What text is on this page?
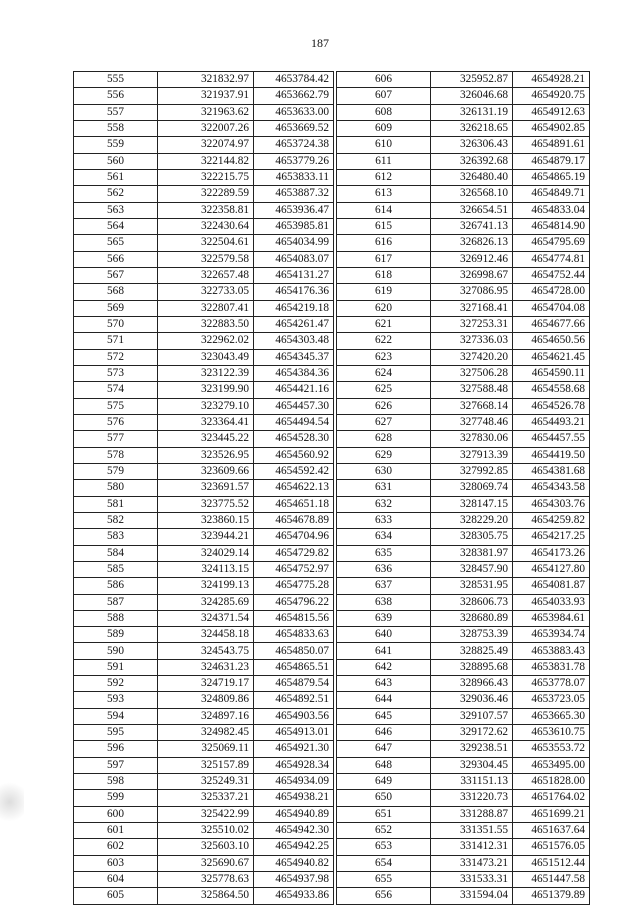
187
555	321832.97	4653784.42
556	321937.91	4653662.79
557	321963.62	4653633.00
558	322007.26	4653669.52
559	322074.97	4653724.38
560	322144.82	4653779.26
561	322215.75	4653833.11
562	322289.59	4653887.32
563	322358.81	4653936.47
564	322430.64	4653985.81
565	322504.61	4654034.99
566	322579.58	4654083.07
567	322657.48	4654131.27
568	322733.05	4654176.36
569	322807.41	4654219.18
570	322883.50	4654261.47
571	322962.02	4654303.48
572	323043.49	4654345.37
573	323122.39	4654384.36
574	323199.90	4654421.16
575	323279.10	4654457.30
576	323364.41	4654494.54
577	323445.22	4654528.30
578	323526.95	4654560.92
579	323609.66	4654592.42
580	323691.57	4654622.13
581	323775.52	4654651.18
582	323860.15	4654678.89
583	323944.21	4654704.96
584	324029.14	4654729.82
585	324113.15	4654752.97
586	324199.13	4654775.28
587	324285.69	4654796.22
588	324371.54	4654815.56
589	324458.18	4654833.63
590	324543.75	4654850.07
591	324631.23	4654865.51
592	324719.17	4654879.54
593	324809.86	4654892.51
594	324897.16	4654903.56
595	324982.45	4654913.01
596	325069.11	4654921.30
597	325157.89	4654928.34
598	325249.31	4654934.09
599	325337.21	4654938.21
600	325422.99	4654940.89
601	325510.02	4654942.30
602	325603.10	4654942.25
603	325690.67	4654940.82
604	325778.63	4654937.98
605	325864.50	4654933.86
606	325952.87	4654928.21
607	326046.68	4654920.75
608	326131.19	4654912.63
609	326218.65	4654902.85
610	326306.43	4654891.61
611	326392.68	4654879.17
612	326480.40	4654865.19
613	326568.10	4654849.71
614	326654.51	4654833.04
615	326741.13	4654814.90
616	326826.13	4654795.69
617	326912.46	4654774.81
618	326998.67	4654752.44
619	327086.95	4654728.00
620	327168.41	4654704.08
621	327253.31	4654677.66
622	327336.03	4654650.56
623	327420.20	4654621.45
624	327506.28	4654590.11
625	327588.48	4654558.68
626	327668.14	4654526.78
627	327748.46	4654493.21
628	327830.06	4654457.55
629	327913.39	4654419.50
630	327992.85	4654381.68
631	328069.74	4654343.58
632	328147.15	4654303.76
633	328229.20	4654259.82
634	328305.75	4654217.25
635	328381.97	4654173.26
636	328457.90	4654127.80
637	328531.95	4654081.87
638	328606.73	4654033.93
639	328680.89	4653984.61
640	328753.39	4653934.74
641	328825.49	4653883.43
642	328895.68	4653831.78
643	328966.43	4653778.07
644	329036.46	4653723.05
645	329107.57	4653665.30
646	329172.62	4653610.75
647	329238.51	4653553.72
648	329304.45	4653495.00
649	331151.13	4651828.00
650	331220.73	4651764.02
651	331288.87	4651699.21
652	331351.55	4651637.64
653	331412.31	4651576.05
654	331473.21	4651512.44
655	331533.31	4651447.58
656	331594.04	4651379.89
